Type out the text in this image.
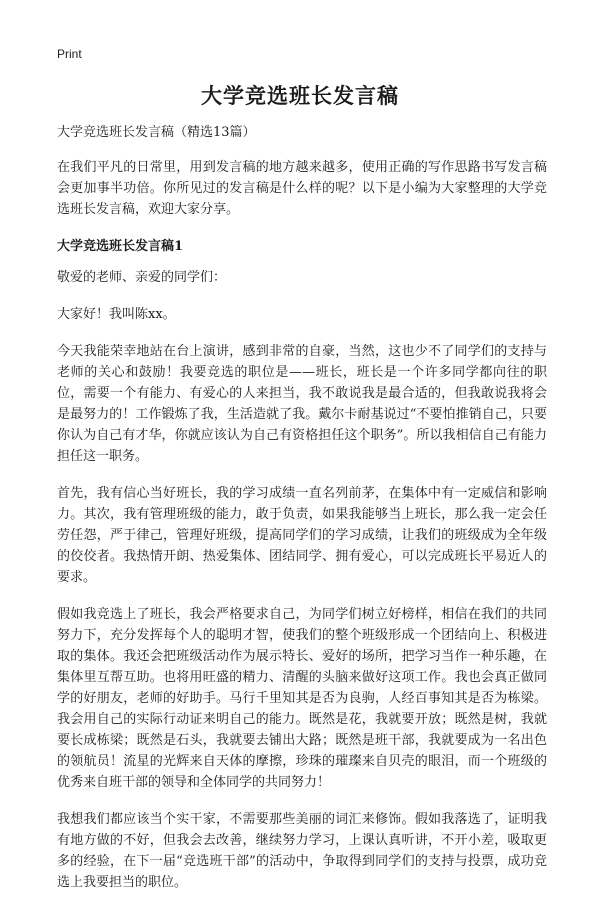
Print
大学竞选班长发言稿

大学竞选班长发言稿（精选13篇）

在我们平凡的日常里，用到发言稿的地方越来越多，使用正确的写作思路书写发言稿会更加事半功倍。你所见过的发言稿是什么样的呢？以下是小编为大家整理的大学竞选班长发言稿，欢迎大家分享。

大学竞选班长发言稿1

敬爱的老师、亲爱的同学们：

大家好！我叫陈xx。

今天我能荣幸地站在台上演讲，感到非常的自豪，当然，这也少不了同学们的支持与老师的关心和鼓励！我要竞选的职位是——班长，班长是一个许多同学都向往的职位，需要一个有能力、有爱心的人来担当，我不敢说我是最合适的，但我敢说我将会是最努力的！工作锻炼了我，生活造就了我。戴尔卡耐基说过“不要怕推销自己，只要你认为自己有才华，你就应该认为自己有资格担任这个职务”。所以我相信自己有能力担任这一职务。

首先，我有信心当好班长，我的学习成绩一直名列前茅，在集体中有一定威信和影响力。其次，我有管理班级的能力，敢于负责，如果我能够当上班长，那么我一定会任劳任怨，严于律己，管理好班级，提高同学们的学习成绩，让我们的班级成为全年级的佼佼者。我热情开朗、热爱集体、团结同学、拥有爱心，可以完成班长平易近人的要求。

假如我竞选上了班长，我会严格要求自己，为同学们树立好榜样，相信在我们的共同努力下，充分发挥每个人的聪明才智，使我们的整个班级形成一个团结向上、积极进取的集体。我还会把班级活动作为展示特长、爱好的场所，把学习当作一种乐趣，在集体里互帮互助。也将用旺盛的精力、清醒的头脑来做好这项工作。我也会真正做同学的好朋友，老师的好助手。马行千里知其是否为良驹，人经百事知其是否为栋梁。我会用自己的实际行动证来明自己的能力。既然是花，我就要开放；既然是树，我就要长成栋梁；既然是石头，我就要去铺出大路；既然是班干部，我就要成为一名出色的领航员！流星的光辉来自天体的摩擦，珍珠的璀璨来自贝壳的眼泪，而一个班级的优秀来自班干部的领导和全体同学的共同努力！

我想我们都应该当个实干家，不需要那些美丽的词汇来修饰。假如我落选了，证明我有地方做的不好，但我会去改善，继续努力学习，上课认真听讲，不开小差，吸取更多的经验，在下一届“竞选班干部”的活动中，争取得到同学们的支持与投票，成功竞选上我要担当的职位。
